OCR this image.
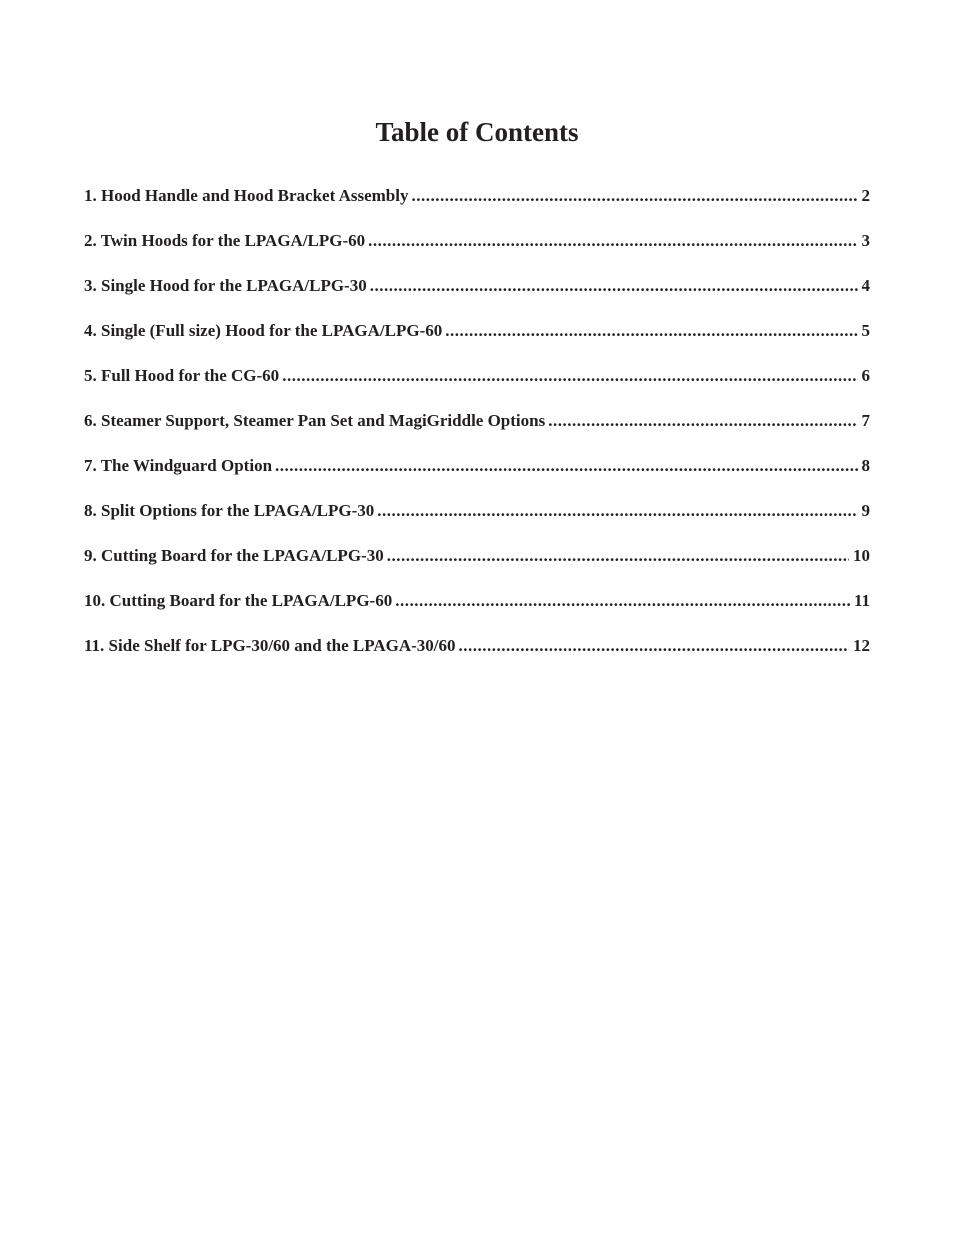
Table of Contents
1. Hood Handle and Hood Bracket Assembly .....	2
2. Twin Hoods for the LPAGA/LPG-60 .....	3
3. Single Hood for the LPAGA/LPG-30 .....	4
4. Single (Full size) Hood for the LPAGA/LPG-60 .....	5
5. Full Hood for the CG-60 .....	6
6. Steamer Support, Steamer Pan Set and MagiGriddle Options .....	7
7. The Windguard Option .....	8
8. Split Options for the LPAGA/LPG-30 .....	9
9. Cutting Board for the LPAGA/LPG-30 .....	10
10. Cutting Board for the LPAGA/LPG-60 .....	11
11. Side Shelf for LPG-30/60 and the LPAGA-30/60 .....	12
